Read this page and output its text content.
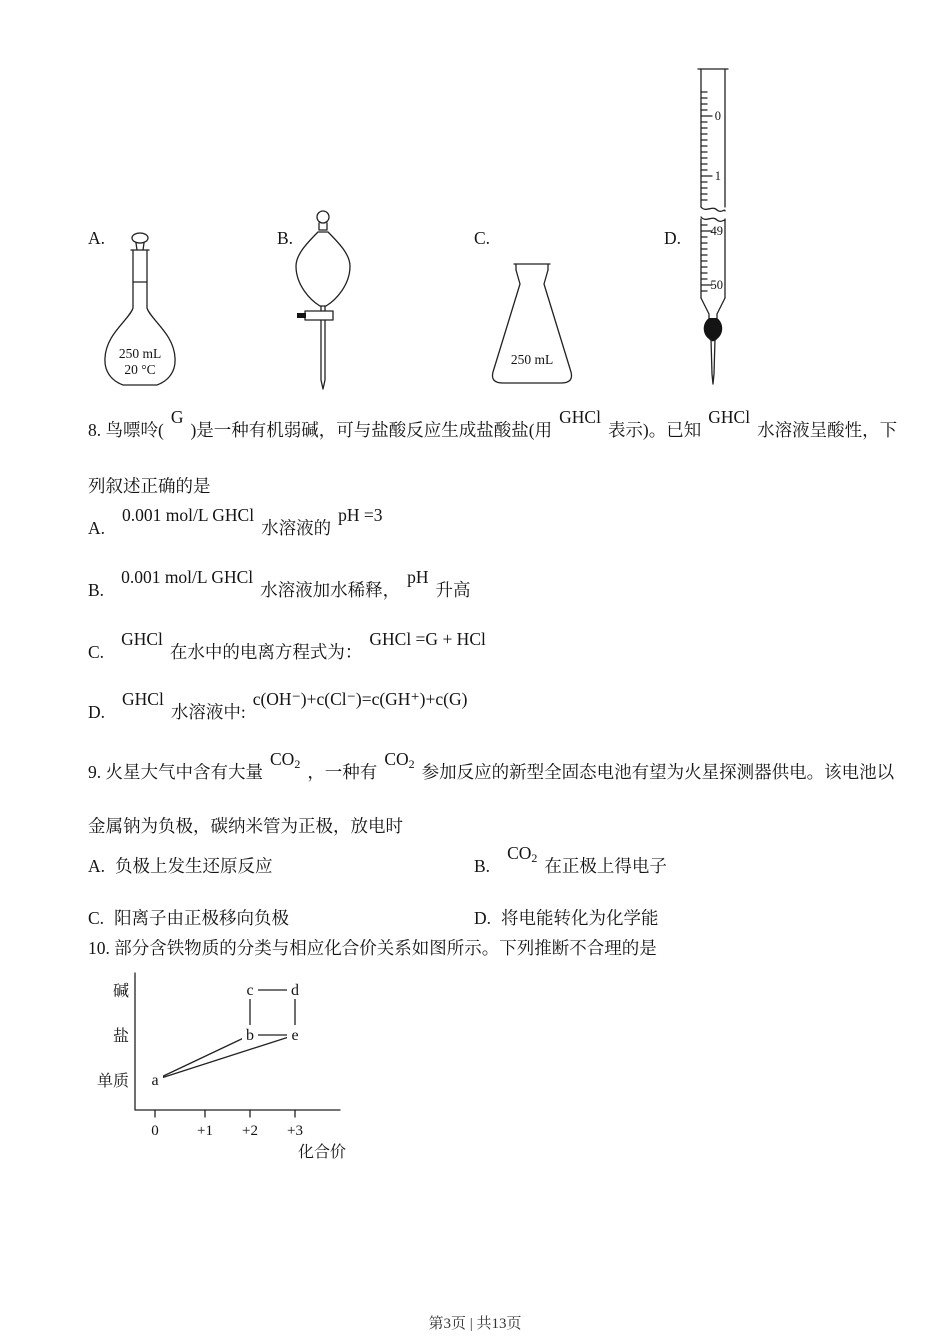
A.	B.	C.	D.
250 mL
20 °C
250 mL
0
1
49
50
8. 鸟嘌呤(G)是一种有机弱碱，可与盐酸反应生成盐酸盐(用GHCl表示)。已知GHCl水溶液呈酸性，下
列叙述正确的是
A.0.001 mol/L GHCl水溶液的pH =3
B.0.001 mol/L GHCl水溶液加水稀释，pH升高
C.GHCl在水中的电离方程式为：GHCl =G + HCl
D.GHCl水溶液中:c(OH⁻)+c(Cl⁻)=c(GH⁺)+c(G)
9. 火星大气中含有大量CO2 ，一种有CO2 参加反应的新型全固态电池有望为火星探测器供电。该电池以
金属钠为负极，碳纳米管为正极，放电时
A. 负极上发生还原反应	B.CO2 在正极上得电子
C. 阳离子由正极移向负极	D. 将电能转化为化学能
10. 部分含铁物质的分类与相应化合价关系如图所示。下列推断不合理的是
a
b
c d
e
碱
盐
单质
0	+1 +2 +3
化合价
第3页 | 共13页
